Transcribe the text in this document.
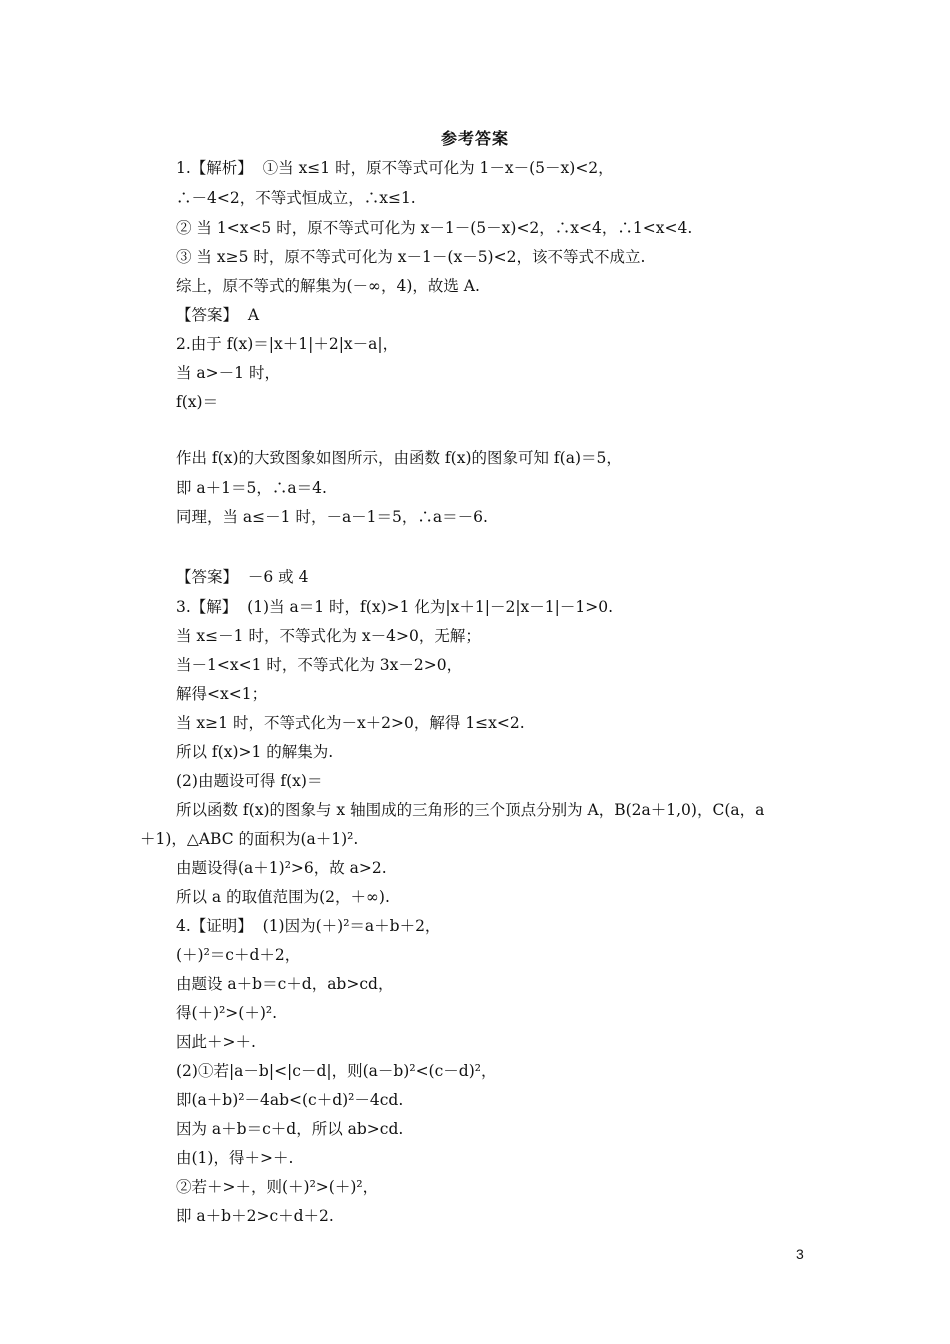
参考答案
1.【解析】  ①当 x≤1 时，原不等式可化为 1－x－(5－x)<2，
∴－4<2，不等式恒成立，∴x≤1.
② 当 1<x<5 时，原不等式可化为 x－1－(5－x)<2，∴x<4，∴1<x<4.
③ 当 x≥5 时，原不等式可化为 x－1－(x－5)<2，该不等式不成立.
综上，原不等式的解集为(－∞，4)，故选 A.
【答案】  A
2.由于 f(x)＝|x＋1|＋2|x－a|，
当 a>－1 时，
f(x)＝
作出 f(x)的大致图象如图所示，由函数 f(x)的图象可知 f(a)＝5，
即 a＋1＝5，∴a＝4.
同理，当 a≤－1 时，－a－1＝5，∴a＝－6.
【答案】  －6 或 4
3.【解】  (1)当 a＝1 时，f(x)>1 化为|x＋1|－2|x－1|－1>0.
当 x≤－1 时，不等式化为 x－4>0，无解；
当－1<x<1 时，不等式化为 3x－2>0，
解得<x<1；
当 x≥1 时，不等式化为－x＋2>0，解得 1≤x<2.
所以 f(x)>1 的解集为.
(2)由题设可得 f(x)＝
所以函数 f(x)的图象与 x 轴围成的三角形的三个顶点分别为 A，B(2a＋1,0)，C(a，a
＋1)，△ABC 的面积为(a＋1)².
由题设得(a＋1)²>6，故 a>2.
所以 a 的取值范围为(2，＋∞).
4.【证明】  (1)因为(＋)²＝a＋b＋2，
(＋)²＝c＋d＋2，
由题设 a＋b＝c＋d，ab>cd，
得(＋)²>(＋)².
因此＋>＋.
(2)①若|a－b|<|c－d|，则(a－b)²<(c－d)²，
即(a＋b)²－4ab<(c＋d)²－4cd.
因为 a＋b＝c＋d，所以 ab>cd.
由(1)，得＋>＋.
②若＋>＋，则(＋)²>(＋)²，
即 a＋b＋2>c＋d＋2.
3
